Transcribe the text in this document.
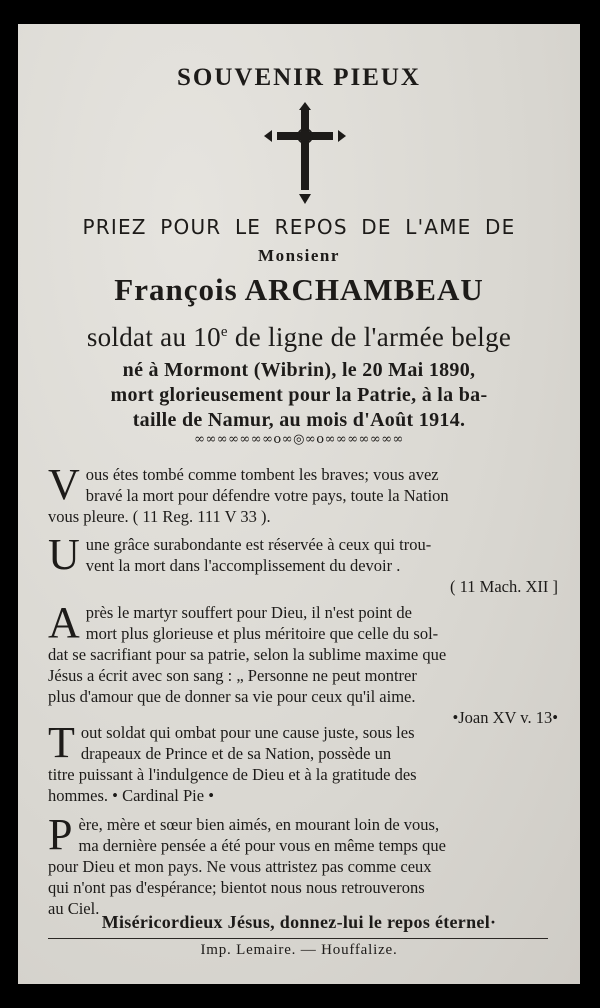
SOUVENIR PIEUX
PRIEZ POUR LE REPOS DE L'AME DE
Monsienr
François ARCHAMBEAU
soldat au 10e de ligne de l'armée belge
né à Mormont (Wibrin), le 20 Mai 1890,
mort glorieusement pour la Patrie, à la ba-
taille de Namur, au mois d'Août 1914.
∞∞∞∞∞∞∞o∞◎∞o∞∞∞∞∞∞∞
V ous étes tombé comme tombent les braves; vous avez
bravé la mort pour défendre votre pays, toute la Nation
vous pleure. ( 11 Reg. 111 V 33 ).
U une grâce surabondante est réservée à ceux qui trou-
vent la mort dans l'accomplissement du devoir .
( 11 Mach. XII ]
A près le martyr souffert pour Dieu, il n'est point de
mort plus glorieuse et plus méritoire que celle du sol-
dat se sacrifiant pour sa patrie, selon la sublime maxime que
Jésus a écrit avec son sang : „ Personne ne peut montrer
plus d'amour que de donner sa vie pour ceux qu'il aime.
•Joan XV v. 13•
T out soldat qui ombat pour une cause juste, sous les
drapeaux de Prince et de sa Nation, possède un
titre puissant à l'indulgence de Dieu et à la gratitude des
hommes. • Cardinal Pie •
P ère, mère et sœur bien aimés, en mourant loin de vous,
ma dernière pensée a été pour vous en même temps que
pour Dieu et mon pays. Ne vous attristez pas comme ceux
qui n'ont pas d'espérance; bientot nous nous retrouverons
au Ciel.
Miséricordieux Jésus, donnez-lui le repos éternel·
Imp. Lemaire. — Houffalize.
